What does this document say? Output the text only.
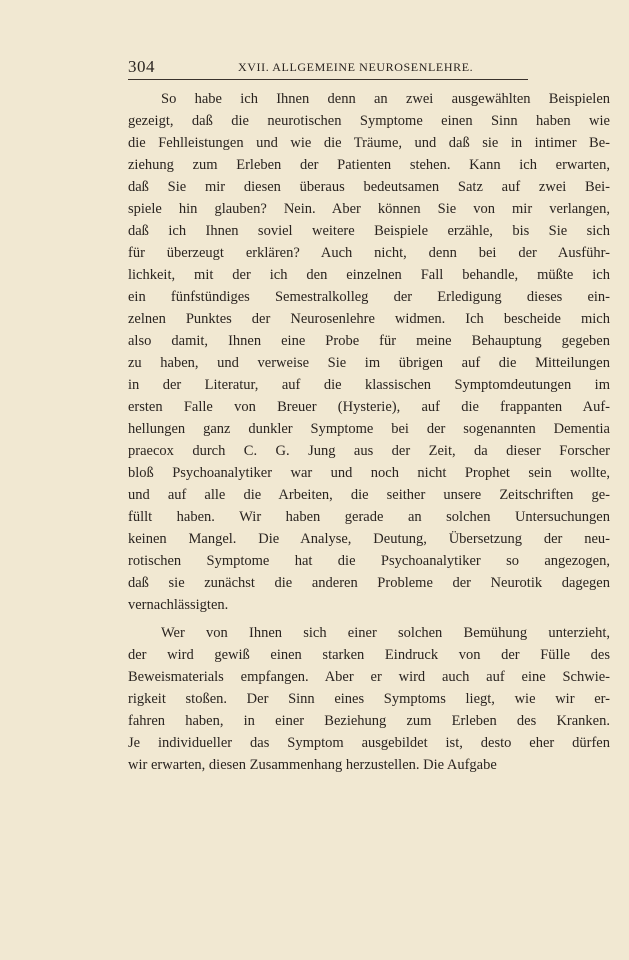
304	XVII. ALLGEMEINE NEUROSENLEHRE.
So habe ich Ihnen denn an zwei ausgewählten Beispielen
gezeigt, daß die neurotischen Symptome einen Sinn haben wie
die Fehlleistungen und wie die Träume, und daß sie in intimer Be-
ziehung zum Erleben der Patienten stehen. Kann ich erwarten,
daß Sie mir diesen überaus bedeutsamen Satz auf zwei Bei-
spiele hin glauben? Nein. Aber können Sie von mir verlangen,
daß ich Ihnen soviel weitere Beispiele erzähle, bis Sie sich
für überzeugt erklären? Auch nicht, denn bei der Ausführ-
lichkeit, mit der ich den einzelnen Fall behandle, müßte ich
ein fünfstündiges Semestralkolleg der Erledigung dieses ein-
zelnen Punktes der Neurosenlehre widmen. Ich bescheide mich
also damit, Ihnen eine Probe für meine Behauptung gegeben
zu haben, und verweise Sie im übrigen auf die Mitteilungen
in der Literatur, auf die klassischen Symptomdeutungen im
ersten Falle von Breuer (Hysterie), auf die frappanten Auf-
hellungen ganz dunkler Symptome bei der sogenannten Dementia
praecox durch C. G. Jung aus der Zeit, da dieser Forscher
bloß Psychoanalytiker war und noch nicht Prophet sein wollte,
und auf alle die Arbeiten, die seither unsere Zeitschriften ge-
füllt haben. Wir haben gerade an solchen Untersuchungen
keinen Mangel. Die Analyse, Deutung, Übersetzung der neu-
rotischen Symptome hat die Psychoanalytiker so angezogen,
daß sie zunächst die anderen Probleme der Neurotik dagegen
vernachlässigten.
Wer von Ihnen sich einer solchen Bemühung unterzieht,
der wird gewiß einen starken Eindruck von der Fülle des
Beweismaterials empfangen. Aber er wird auch auf eine Schwie-
rigkeit stoßen. Der Sinn eines Symptoms liegt, wie wir er-
fahren haben, in einer Beziehung zum Erleben des Kranken.
Je individueller das Symptom ausgebildet ist, desto eher dürfen
wir erwarten, diesen Zusammenhang herzustellen. Die Aufgabe
